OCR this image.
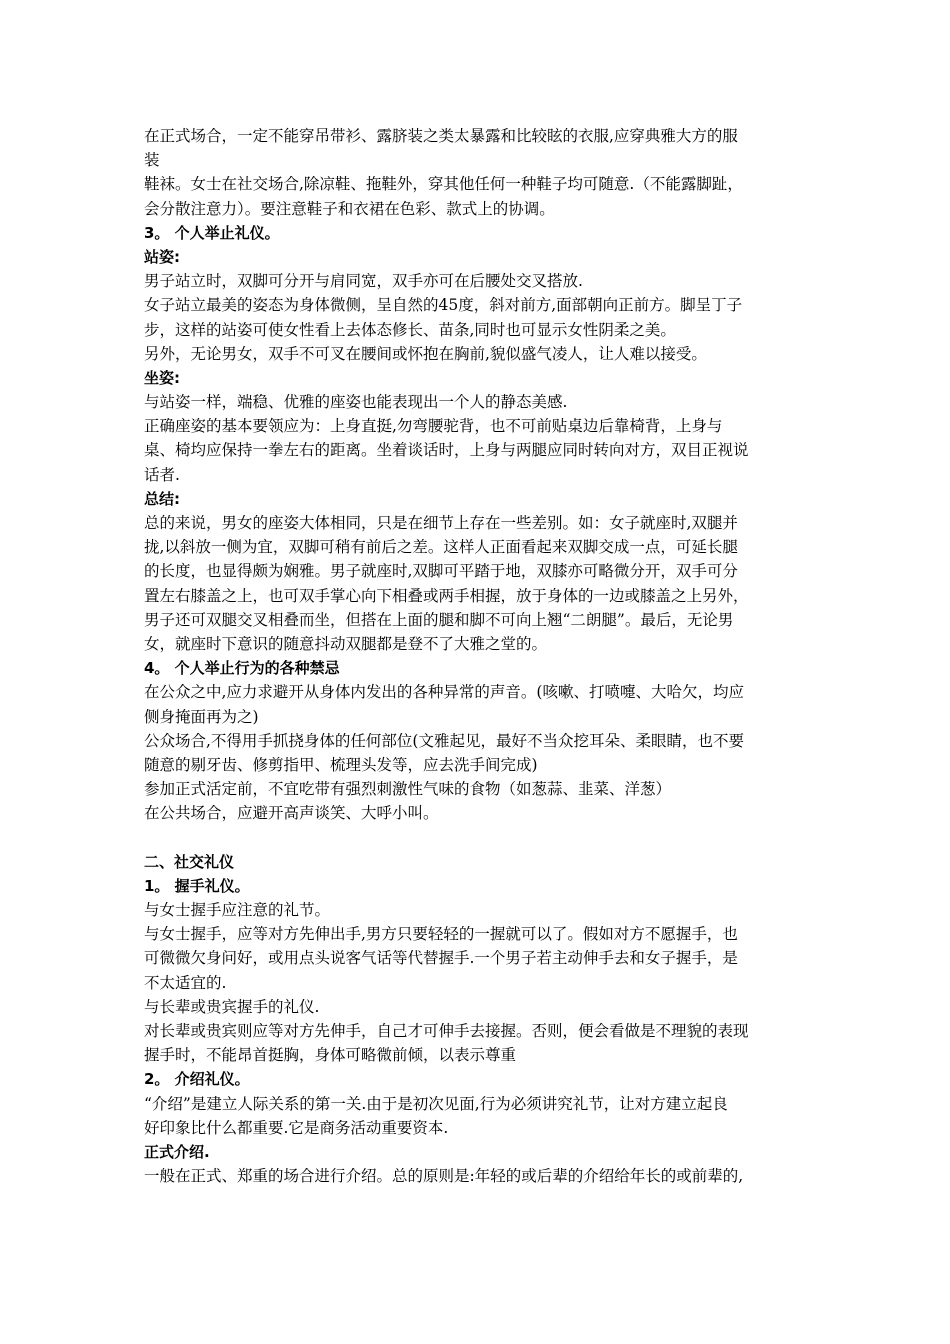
在正式场合，一定不能穿吊带衫、露脐装之类太暴露和比较眩的衣服,应穿典雅大方的服
装
鞋袜。女士在社交场合,除凉鞋、拖鞋外，穿其他任何一种鞋子均可随意.（不能露脚趾，
会分散注意力）。要注意鞋子和衣裙在色彩、款式上的协调。
3。 个人举止礼仪。
站姿:
男子站立时，双脚可分开与肩同宽，双手亦可在后腰处交叉搭放.
女子站立最美的姿态为身体微侧，呈自然的45度，斜对前方,面部朝向正前方。脚呈丁子
步，这样的站姿可使女性看上去体态修长、苗条,同时也可显示女性阴柔之美。
另外，无论男女，双手不可叉在腰间或怀抱在胸前,貌似盛气凌人，让人难以接受。
坐姿:
与站姿一样，端稳、优雅的座姿也能表现出一个人的静态美感.
正确座姿的基本要领应为：上身直挺,勿弯腰驼背，也不可前贴桌边后靠椅背，上身与
桌、椅均应保持一拳左右的距离。坐着谈话时，上身与两腿应同时转向对方，双目正视说
话者.
总结:
总的来说，男女的座姿大体相同，只是在细节上存在一些差别。如：女子就座时,双腿并
拢,以斜放一侧为宜，双脚可稍有前后之差。这样人正面看起来双脚交成一点，可延长腿
的长度，也显得颇为娴雅。男子就座时,双脚可平踏于地，双膝亦可略微分开，双手可分
置左右膝盖之上，也可双手掌心向下相叠或两手相握，放于身体的一边或膝盖之上另外，
男子还可双腿交叉相叠而坐，但搭在上面的腿和脚不可向上翘“二朗腿”。最后，无论男
女，就座时下意识的随意抖动双腿都是登不了大雅之堂的。
4。 个人举止行为的各种禁忌
在公众之中,应力求避开从身体内发出的各种异常的声音。(咳嗽、打喷嚏、大哈欠，均应
侧身掩面再为之)
公众场合,不得用手抓挠身体的任何部位(文雅起见，最好不当众挖耳朵、柔眼睛，也不要
随意的剔牙齿、修剪指甲、梳理头发等，应去洗手间完成)
参加正式活定前，不宜吃带有强烈刺激性气味的食物（如葱蒜、韭菜、洋葱）
在公共场合，应避开高声谈笑、大呼小叫。
二、社交礼仪
1。 握手礼仪。
与女士握手应注意的礼节。
与女士握手，应等对方先伸出手,男方只要轻轻的一握就可以了。假如对方不愿握手，也
可微微欠身问好，或用点头说客气话等代替握手.一个男子若主动伸手去和女子握手，是
不太适宜的.
与长辈或贵宾握手的礼仪.
对长辈或贵宾则应等对方先伸手，自己才可伸手去接握。否则，便会看做是不理貌的表现
握手时，不能昂首挺胸，身体可略微前倾，以表示尊重
2。 介绍礼仪。
“介绍”是建立人际关系的第一关.由于是初次见面,行为必须讲究礼节，让对方建立起良
好印象比什么都重要.它是商务活动重要资本.
正式介绍.
一般在正式、郑重的场合进行介绍。总的原则是:年轻的或后辈的介绍给年长的或前辈的,
